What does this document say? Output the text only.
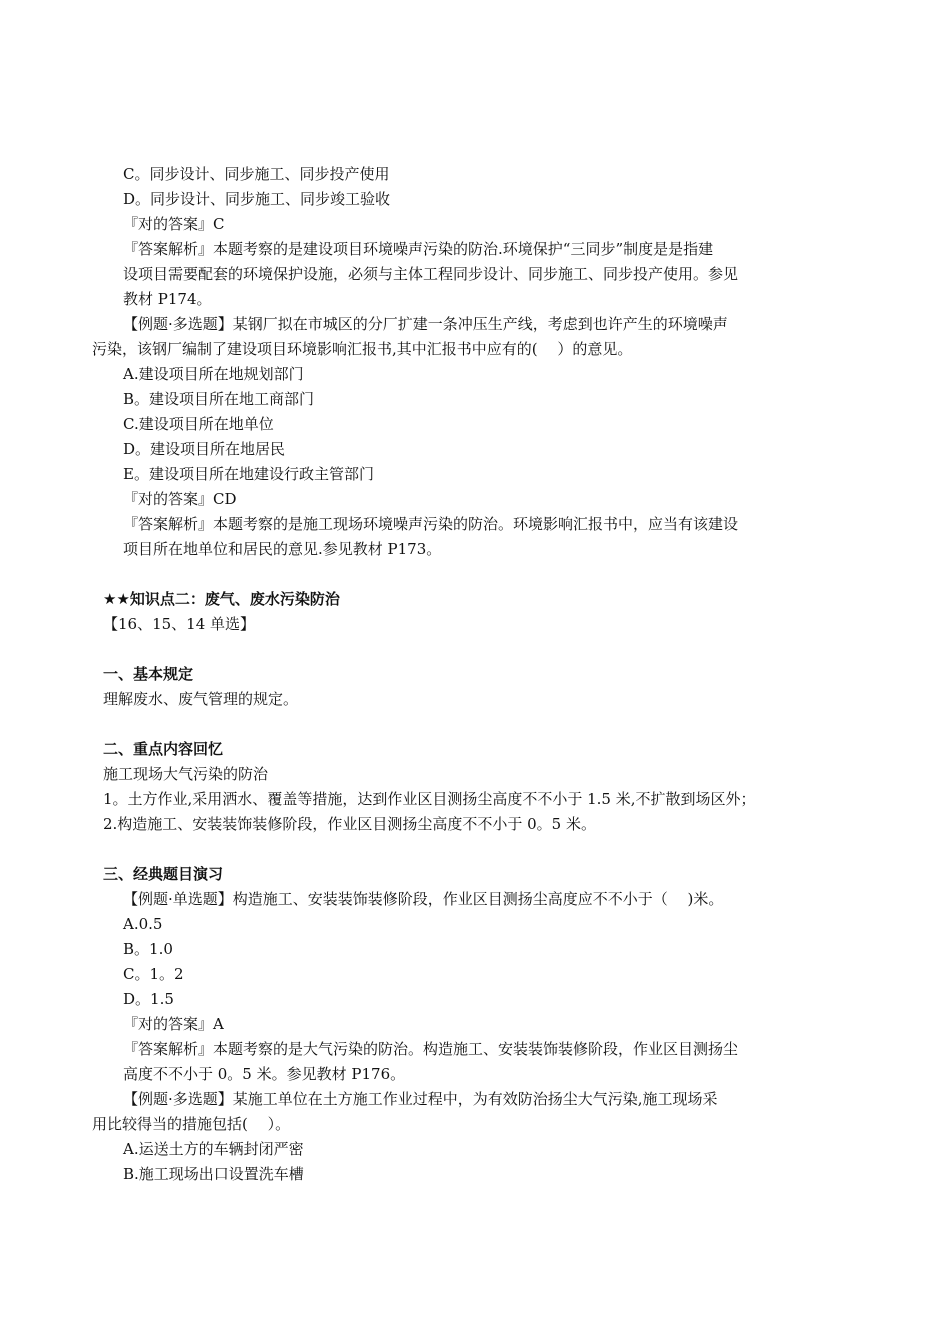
C。同步设计、同步施工、同步投产使用
D。同步设计、同步施工、同步竣工验收
『对的答案』C
『答案解析』本题考察的是建设项目环境噪声污染的防治.环境保护“三同步”制度是是指建
设项目需要配套的环境保护设施，必须与主体工程同步设计、同步施工、同步投产使用。参见
教材 P174。
【例题·多选题】某钢厂拟在市城区的分厂扩建一条冲压生产线，考虑到也许产生的环境噪声
污染，该钢厂编制了建设项目环境影响汇报书,其中汇报书中应有的(　 ）的意见。
A.建设项目所在地规划部门
B。建设项目所在地工商部门
C.建设项目所在地单位
D。建设项目所在地居民
E。建设项目所在地建设行政主管部门
『对的答案』CD
『答案解析』本题考察的是施工现场环境噪声污染的防治。环境影响汇报书中，应当有该建设
项目所在地单位和居民的意见.参见教材 P173。
★★知识点二：废气、废水污染防治
【16、15、14 单选】
一、基本规定
理解废水、废气管理的规定。
二、重点内容回忆
施工现场大气污染的防治
1。土方作业,采用洒水、覆盖等措施，达到作业区目测扬尘高度不不小于 1.5 米,不扩散到场区外；
2.构造施工、安装装饰装修阶段，作业区目测扬尘高度不不小于 0。5 米。
三、经典题目演习
【例题·单选题】构造施工、安装装饰装修阶段，作业区目测扬尘高度应不不小于（　 )米。
A.0.5
B。1.0
C。1。2
D。1.5
『对的答案』A
『答案解析』本题考察的是大气污染的防治。构造施工、安装装饰装修阶段，作业区目测扬尘
高度不不小于 0。5 米。参见教材 P176。
【例题·多选题】某施工单位在土方施工作业过程中，为有效防治扬尘大气污染,施工现场采
用比较得当的措施包括(　 ）。
A.运送土方的车辆封闭严密
B.施工现场出口设置洗车槽
